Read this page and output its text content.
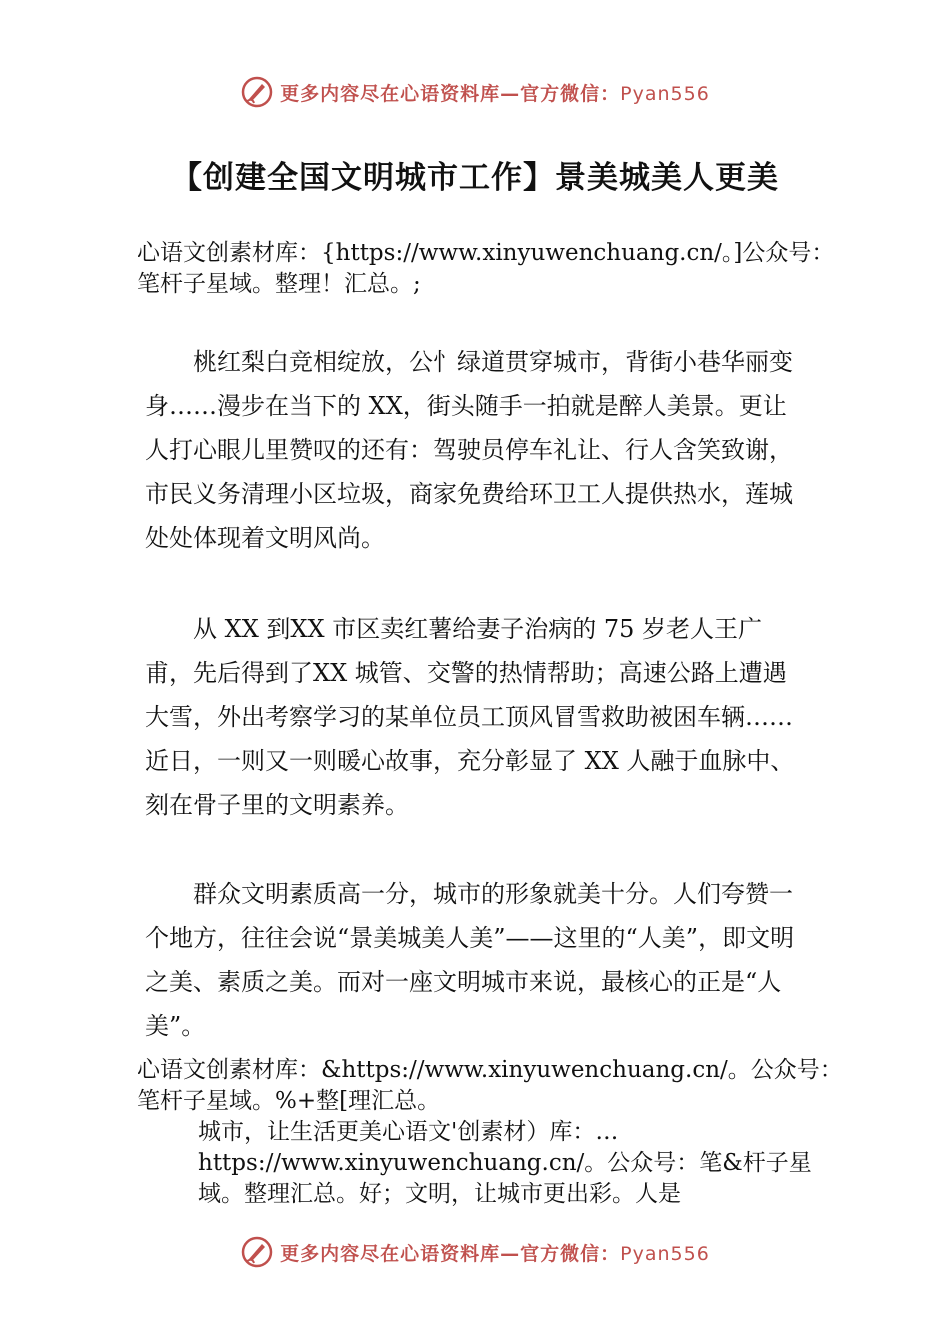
更多内容尽在心语资料库—官方微信：Pyan556
【创建全国文明城市工作】景美城美人更美

心语文创素材库：{https://www.xinyuwenchuang.cn/。]公众号：笔杆子星域。整理！汇总。;

桃红梨白竞相绽放，公忄绿道贯穿城市，背街小巷华丽变身……漫步在当下的 XX，街头随手一拍就是醉人美景。更让人打心眼儿里赞叹的还有：驾驶员停车礼让、行人含笑致谢，市民义务清理小区垃圾，商家免费给环卫工人提供热水，莲城处处体现着文明风尚。

从 XX 到XX 市区卖红薯给妻子治病的 75 岁老人王广甫，先后得到了XX 城管、交警的热情帮助；高速公路上遭遇大雪，外出考察学习的某单位员工顶风冒雪救助被困车辆……近日，一则又一则暖心故事，充分彰显了 XX 人融于血脉中、刻在骨子里的文明素养。

群众文明素质高一分，城市的形象就美十分。人们夸赞一个地方，往往会说“景美城美人美”——这里的“人美”，即文明之美、素质之美。而对一座文明城市来说，最核心的正是“人美”。

心语文创素材库：&https://www.xinyuwenchuang.cn/。公众号：笔杆子星域。%+整[理汇总。

城市，让生活更美心语文'创素材）库：…https://www.xinyuwenchuang.cn/。公众号：笔&杆子星域。整理汇总。好；文明，让城市更出彩。人是

更多内容尽在心语资料库—官方微信：Pyan556
